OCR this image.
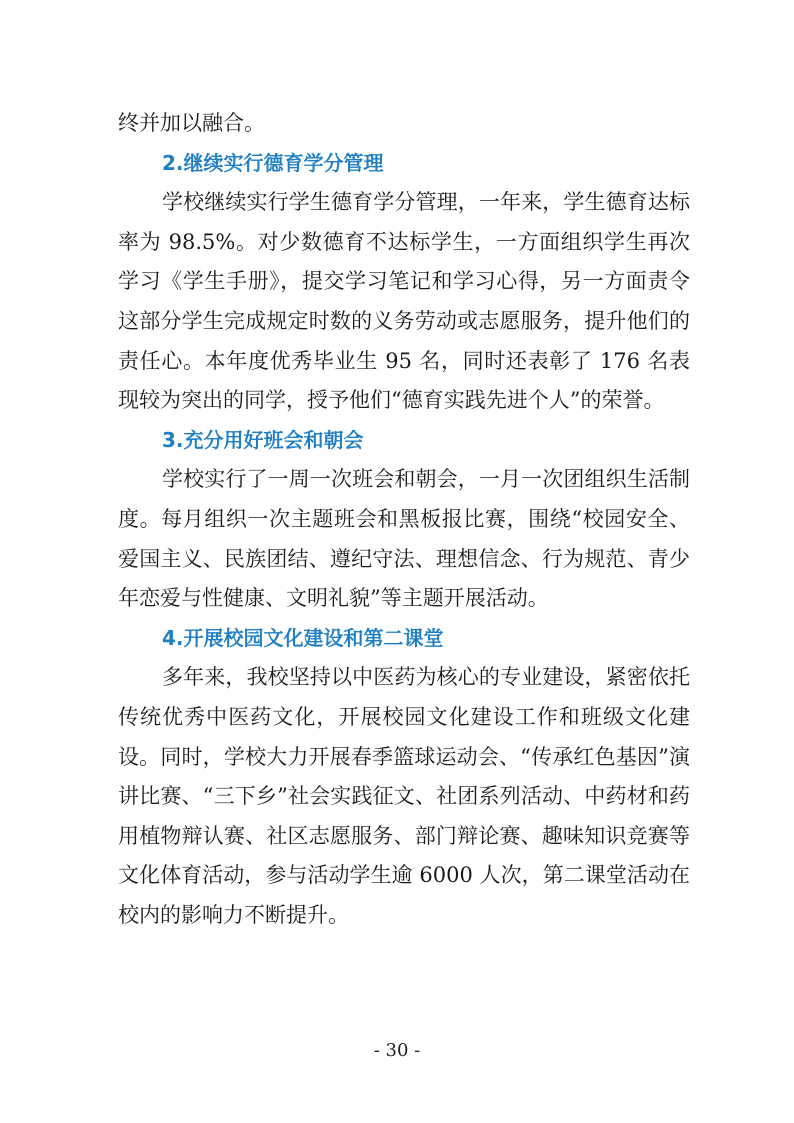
终并加以融合。

2.继续实行德育学分管理

学校继续实行学生德育学分管理，一年来，学生德育达标率为 98.5%。对少数德育不达标学生，一方面组织学生再次学习《学生手册》，提交学习笔记和学习心得，另一方面责令这部分学生完成规定时数的义务劳动或志愿服务，提升他们的责任心。本年度优秀毕业生 95 名，同时还表彰了 176 名表现较为突出的同学，授予他们“德育实践先进个人”的荣誉。

3.充分用好班会和朝会

学校实行了一周一次班会和朝会，一月一次团组织生活制度。每月组织一次主题班会和黑板报比赛，围绕“校园安全、爱国主义、民族团结、遵纪守法、理想信念、行为规范、青少年恋爱与性健康、文明礼貌”等主题开展活动。

4.开展校园文化建设和第二课堂

多年来，我校坚持以中医药为核心的专业建设，紧密依托传统优秀中医药文化，开展校园文化建设工作和班级文化建设。同时，学校大力开展春季篮球运动会、“传承红色基因”演讲比赛、“三下乡”社会实践征文、社团系列活动、中药材和药用植物辩认赛、社区志愿服务、部门辩论赛、趣味知识竞赛等文化体育活动，参与活动学生逾 6000 人次，第二课堂活动在校内的影响力不断提升。

- 30 -
